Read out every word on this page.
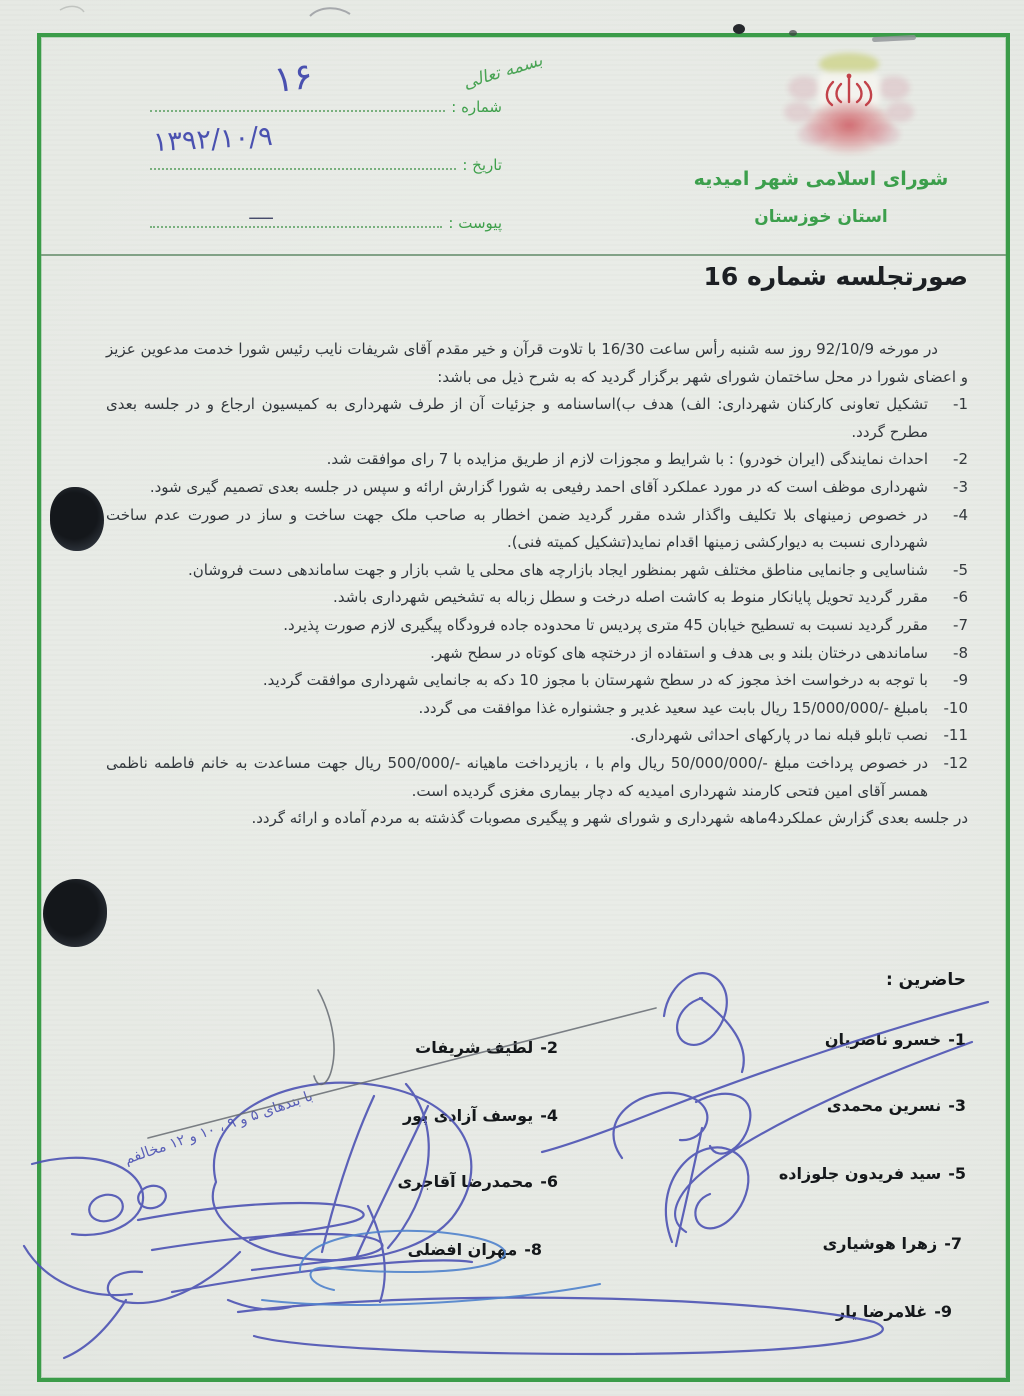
بسمه تعالی
شماره :
۱۶
تاریخ :
۱۳۹۲/۱۰/۹
پیوست :
ـــــ
شورای اسلامی شهر امیدیه
استان خوزستان
صورتجلسه شماره 16

در مورخه 92/10/9 روز سه شنبه رأس ساعت 16/30 با تلاوت قرآن و خیر مقدم آقای شریفات نایب رئیس شورا خدمت مدعوین عزیز و اعضای شورا در محل ساختمان شورای شهر برگزار گردید که به شرح ذیل می باشد:

1-
تشکیل تعاونی کارکنان شهرداری: الف) هدف ب)اساسنامه و جزئیات آن از طرف شهرداری به کمیسیون ارجاع و در جلسه بعدی مطرح گردد.
2-
احداث نمایندگی (ایران خودرو) : با شرایط و مجوزات لازم از طریق مزایده با 7 رای موافقت شد.
3-
شهرداری موظف است که در مورد عملکرد آقای احمد رفیعی به شورا گزارش ارائه و سپس در جلسه بعدی تصمیم گیری شود.
4-
در خصوص زمینهای بلا تکلیف واگذار شده مقرر گردید ضمن اخطار به صاحب ملک جهت ساخت و ساز در صورت عدم ساخت شهرداری نسبت به دیوارکشی زمینها اقدام نماید(تشکیل کمیته فنی).
5-
شناسایی و جانمایی مناطق مختلف شهر بمنظور ایجاد بازارچه های محلی یا شب بازار و جهت ساماندهی دست فروشان.
6-
مقرر گردید تحویل پایانکار منوط به کاشت اصله درخت و سطل زباله به تشخیص شهرداری باشد.
7-
مقرر گردید نسبت به تسطیح خیابان 45 متری پردیس تا محدوده جاده فرودگاه پیگیری لازم صورت پذیرد.
8-
ساماندهی درختان بلند و بی هدف و استفاده از درختچه های کوتاه در سطح شهر.
9-
با توجه به درخواست اخذ مجوز که در سطح شهرستان با مجوز 10 دکه به جانمایی شهرداری موافقت گردید.
10-
بامبلغ -/15/000/000 ریال بابت عید سعید غدیر و جشنواره غذا موافقت می گردد.
11-
نصب تابلو قبله نما در پارکهای احداثی شهرداری.
12-
در خصوص پرداخت مبلغ -/50/000/000 ریال وام با ، بازپرداخت ماهیانه -/500/000 ریال جهت مساعدت به خانم فاطمه ناظمی همسر آقای امین فتحی کارمند شهرداری امیدیه که دچار بیماری مغزی گردیده است.

در جلسه بعدی گزارش عملکرد4ماهه شهرداری و شورای شهر و پیگیری مصوبات گذشته به مردم آماده و ارائه گردد.

حاضرین :
1-
خسرو ناصریان
2-
لطیف شریفات
3-
نسرین محمدی
4-
یوسف آزادی پور
5-
سید فریدون جلوزاده
6-
محمدرضا آقاجری
7-
زهرا هوشیاری
8-
مهران افضلی
9-
غلامرضا یار
با بندهای ۵ و ۹ ، ۱۰ و ۱۲ مخالفم
